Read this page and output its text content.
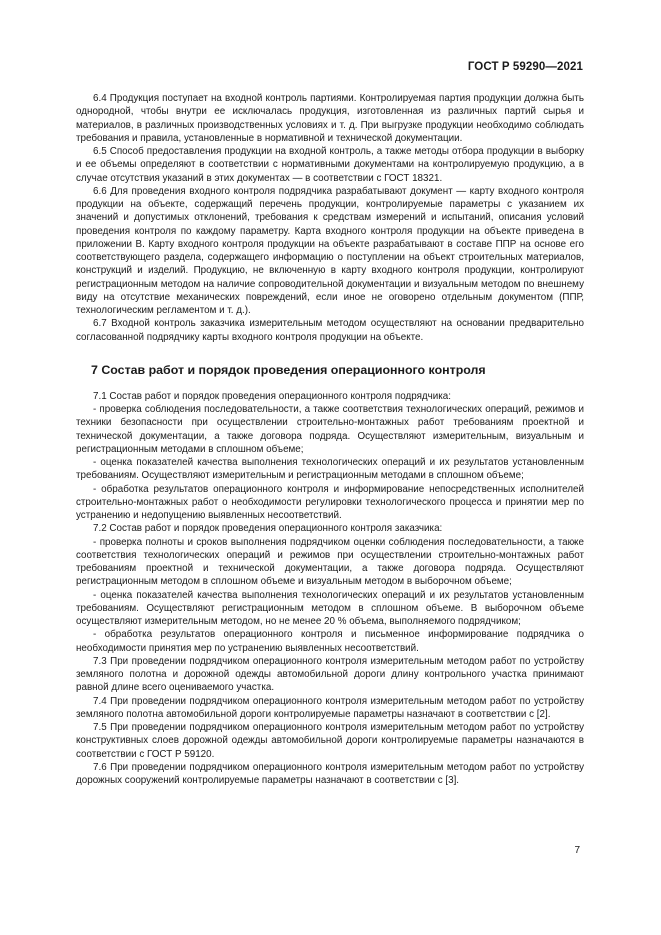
ГОСТ Р 59290—2021

6.4 Продукция поступает на входной контроль партиями. Контролируемая партия продукции должна быть однородной, чтобы внутри ее исключалась продукция, изготовленная из различных партий сырья и материалов, в различных производственных условиях и т. д. При выгрузке продукции необходимо соблюдать требования и правила, установленные в нормативной и технической документации.

6.5 Способ предоставления продукции на входной контроль, а также методы отбора продукции в выборку и ее объемы определяют в соответствии с нормативными документами на контролируемую продукцию, а в случае отсутствия указаний в этих документах — в соответствии с ГОСТ 18321.

6.6 Для проведения входного контроля подрядчика разрабатывают документ — карту входного контроля продукции на объекте, содержащий перечень продукции, контролируемые параметры с указанием их значений и допустимых отклонений, требования к средствам измерений и испытаний, описания условий проведения контроля по каждому параметру. Карта входного контроля продукции на объекте приведена в приложении В. Карту входного контроля продукции на объекте разрабатывают в составе ППР на основе его соответствующего раздела, содержащего информацию о поступлении на объект строительных материалов, конструкций и изделий. Продукцию, не включенную в карту входного контроля продукции, контролируют регистрационным методом на наличие сопроводительной документации и визуальным методом по внешнему виду на отсутствие механических повреждений, если иное не оговорено отдельным документом (ППР, технологическим регламентом и т. д.).

6.7 Входной контроль заказчика измерительным методом осуществляют на основании предварительно согласованной подрядчику карты входного контроля продукции на объекте.

7 Состав работ и порядок проведения операционного контроля

7.1 Состав работ и порядок проведения операционного контроля подрядчика:

- проверка соблюдения последовательности, а также соответствия технологических операций, режимов и техники безопасности при осуществлении строительно-монтажных работ требованиям проектной и технической документации, а также договора подряда. Осуществляют измерительным, визуальным и регистрационным методами в сплошном объеме;

- оценка показателей качества выполнения технологических операций и их результатов установленным требованиям. Осуществляют измерительным и регистрационным методами в сплошном объеме;

- обработка результатов операционного контроля и информирование непосредственных исполнителей строительно-монтажных работ о необходимости регулировки технологического процесса и принятии мер по устранению и недопущению выявленных несоответствий.

7.2 Состав работ и порядок проведения операционного контроля заказчика:

- проверка полноты и сроков выполнения подрядчиком оценки соблюдения последовательности, а также соответствия технологических операций и режимов при осуществлении строительно-монтажных работ требованиям проектной и технической документации, а также договора подряда. Осуществляют регистрационным методом в сплошном объеме и визуальным методом в выборочном объеме;

- оценка показателей качества выполнения технологических операций и их результатов установленным требованиям. Осуществляют регистрационным методом в сплошном объеме. В выборочном объеме осуществляют измерительным методом, но не менее 20 % объема, выполняемого подрядчиком;

- обработка результатов операционного контроля и письменное информирование подрядчика о необходимости принятия мер по устранению выявленных несоответствий.

7.3 При проведении подрядчиком операционного контроля измерительным методом работ по устройству земляного полотна и дорожной одежды автомобильной дороги длину контрольного участка принимают равной длине всего оцениваемого участка.

7.4 При проведении подрядчиком операционного контроля измерительным методом работ по устройству земляного полотна автомобильной дороги контролируемые параметры назначают в соответствии с [2].

7.5 При проведении подрядчиком операционного контроля измерительным методом работ по устройству конструктивных слоев дорожной одежды автомобильной дороги контролируемые параметры назначаются в соответствии с ГОСТ Р 59120.

7.6 При проведении подрядчиком операционного контроля измерительным методом работ по устройству дорожных сооружений контролируемые параметры назначают в соответствии с [3].

7
